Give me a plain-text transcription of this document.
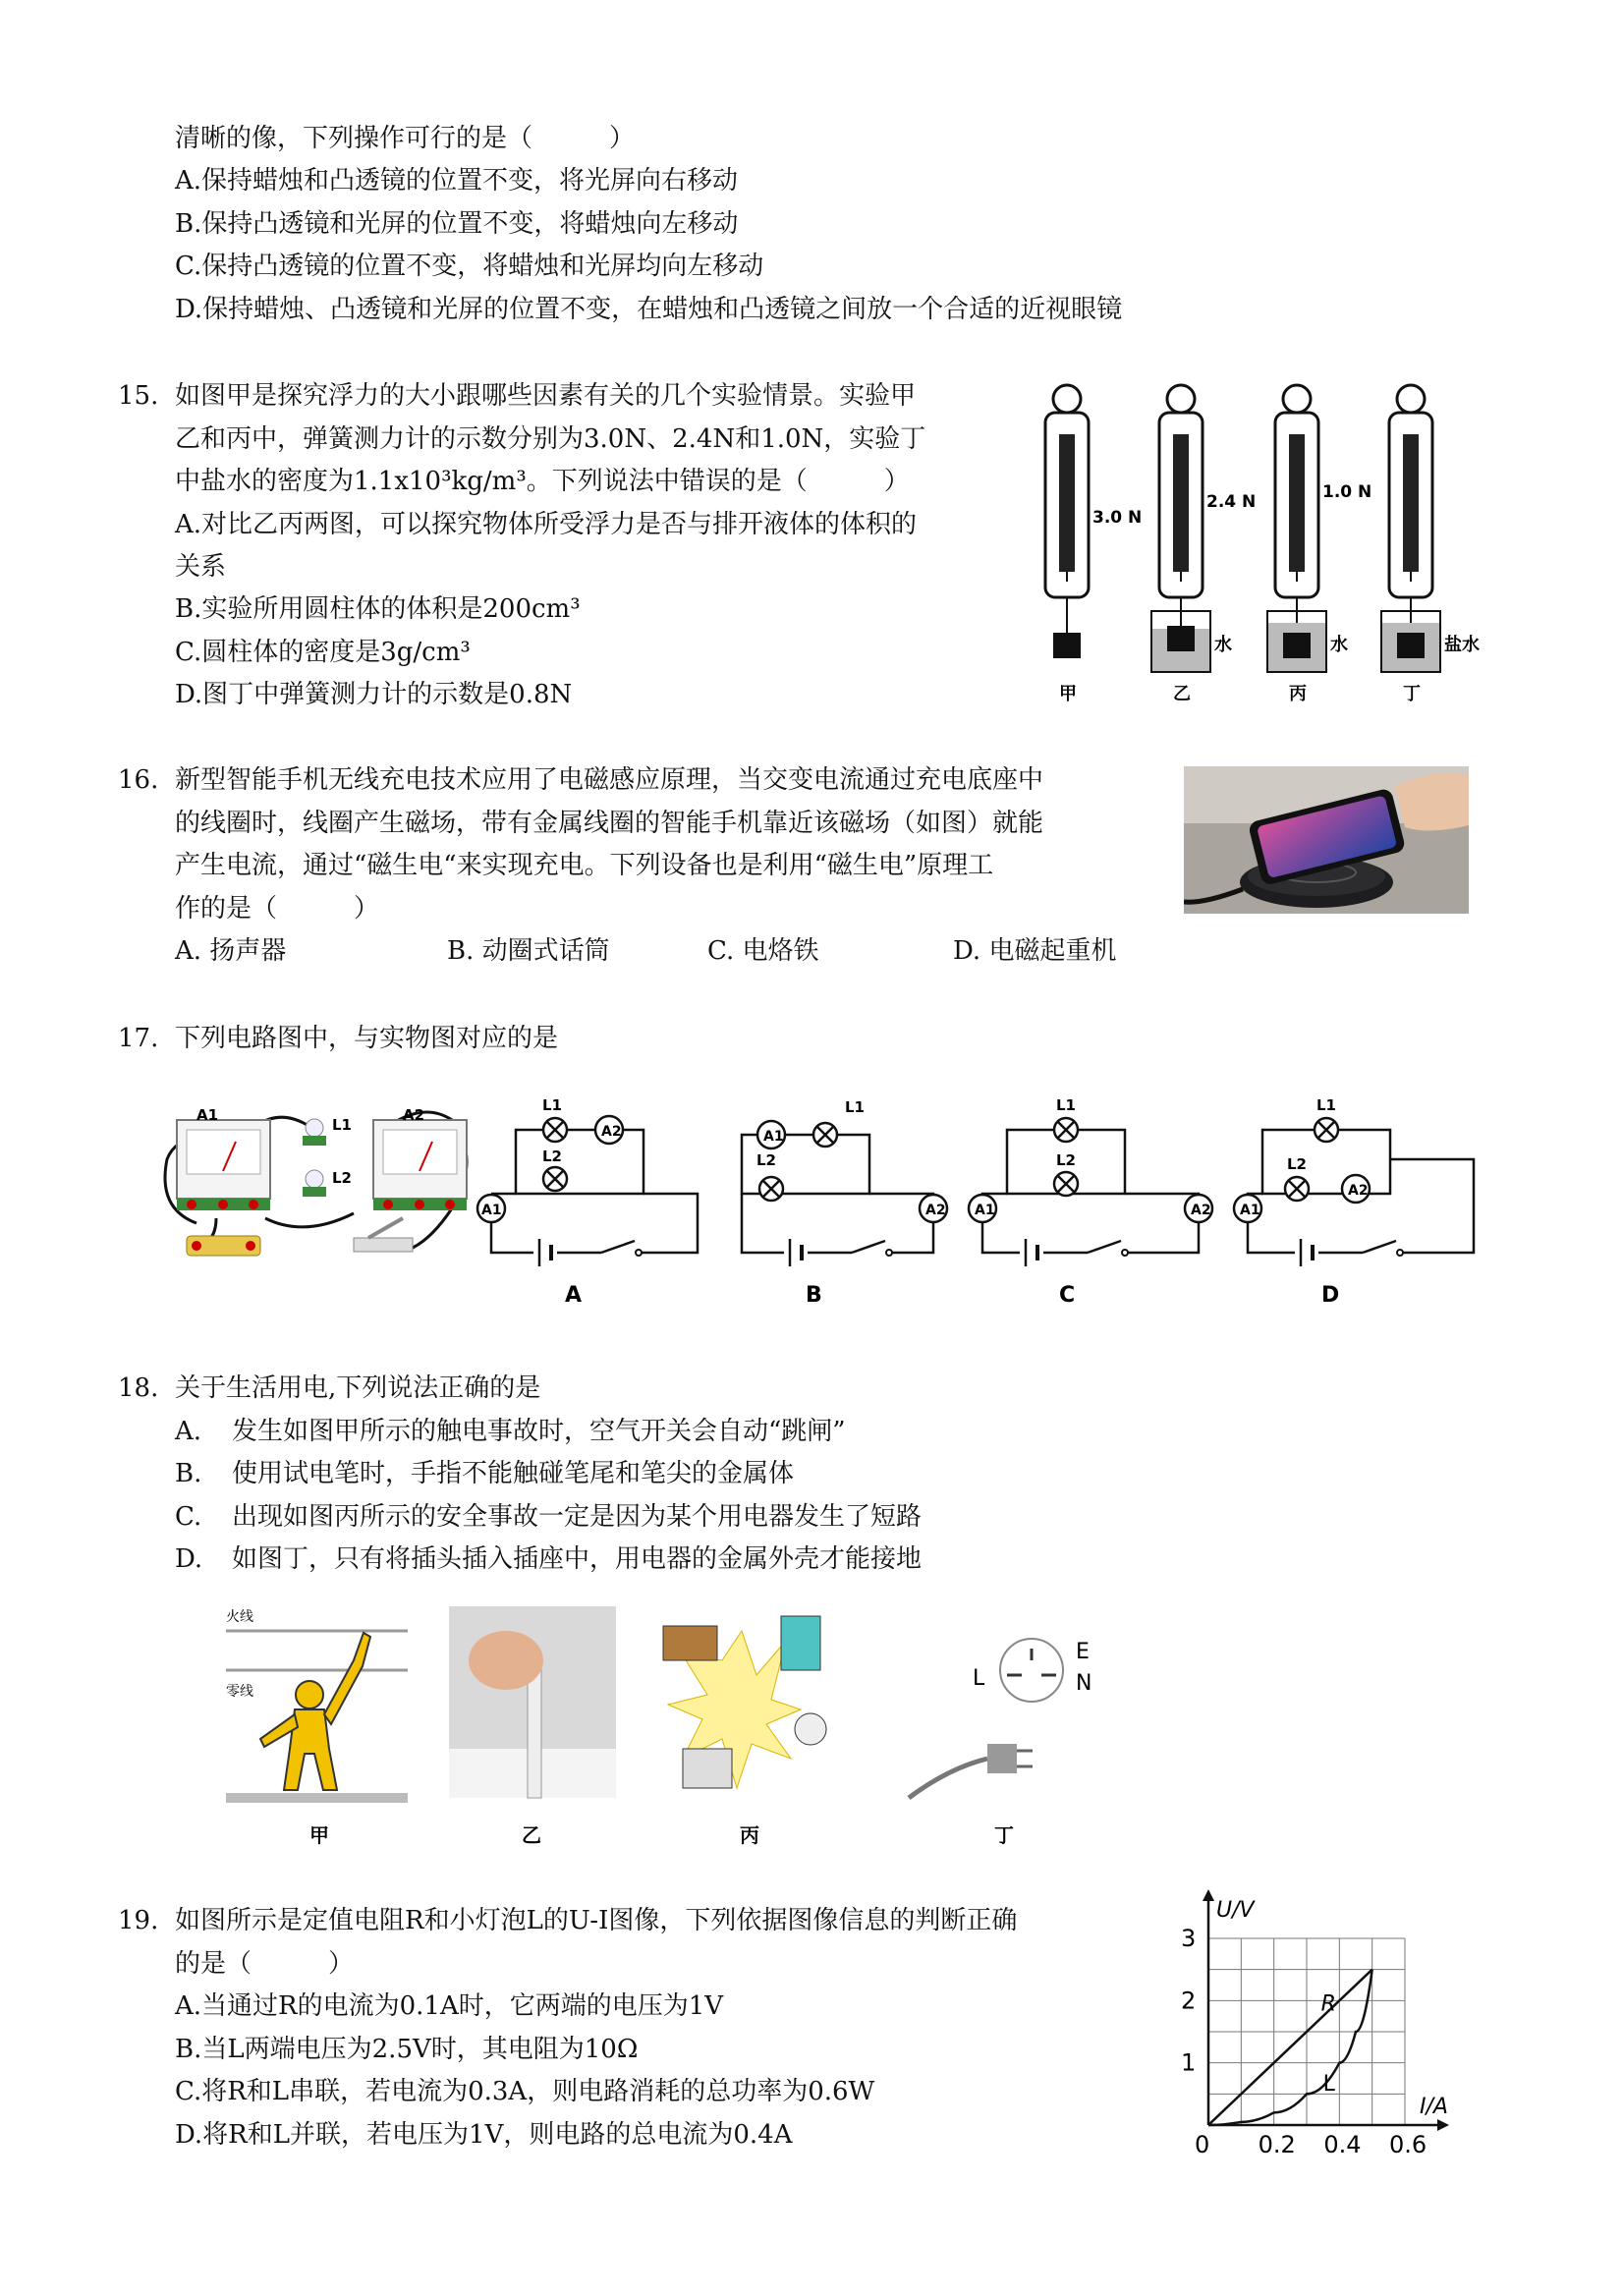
清晰的像，下列操作可行的是（　　　）
A.保持蜡烛和凸透镜的位置不变，将光屏向右移动
B.保持凸透镜和光屏的位置不变，将蜡烛向左移动
C.保持凸透镜的位置不变，将蜡烛和光屏均向左移动
D.保持蜡烛、凸透镜和光屏的位置不变，在蜡烛和凸透镜之间放一个合适的近视眼镜
15. 如图甲是探究浮力的大小跟哪些因素有关的几个实验情景。实验甲
乙和丙中，弹簧测力计的示数分别为3.0N、2.4N和1.0N，实验丁
中盐水的密度为1.1x10³kg/m³。下列说法中错误的是（　　　）
A.对比乙丙两图，可以探究物体所受浮力是否与排开液体的体积的
关系
B.实验所用圆柱体的体积是200cm³
C.圆柱体的密度是3g/cm³
D.图丁中弹簧测力计的示数是0.8N
3.0 N
2.4 N	1.0 N
水	水	盐水
甲	乙	丙	丁
16. 新型智能手机无线充电技术应用了电磁感应原理，当交变电流通过充电底座中
的线圈时，线圈产生磁场，带有金属线圈的智能手机靠近该磁场（如图）就能
产生电流，通过“磁生电“来实现充电。下列设备也是利用“磁生电”原理工
作的是（　　　）
A. 扬声器	B. 动圈式话筒	C. 电烙铁	D. 电磁起重机
17. 下列电路图中，与实物图对应的是
A1	A2
L1
L2
A2
A1
L1
L2
A
A1
A2
L1
L2
B
A1	A2
L1
L2
C
A1
A2
L1
L2
D
18. 关于生活用电,下列说法正确的是
A. 发生如图甲所示的触电事故时，空气开关会自动“跳闸”
B. 使用试电笔时，手指不能触碰笔尾和笔尖的金属体
C. 出现如图丙所示的安全事故一定是因为某个用电器发生了短路
D. 如图丁，只有将插头插入插座中，用电器的金属外壳才能接地
火线
零线
甲	乙	丙
E
L	N
丁
19. 如图所示是定值电阻R和小灯泡L的U-I图像，下列依据图像信息的判断正确
的是（　　　）
A.当通过R的电流为0.1A时，它两端的电压为1V
B.当L两端电压为2.5V时，其电阻为10Ω
C.将R和L串联，若电流为0.3A，则电路消耗的总功率为0.6W
D.将R和L并联，若电压为1V，则电路的总电流为0.4A	0 0.2 0.4 0.6
1
2
3
I/A
U/V
R
L
